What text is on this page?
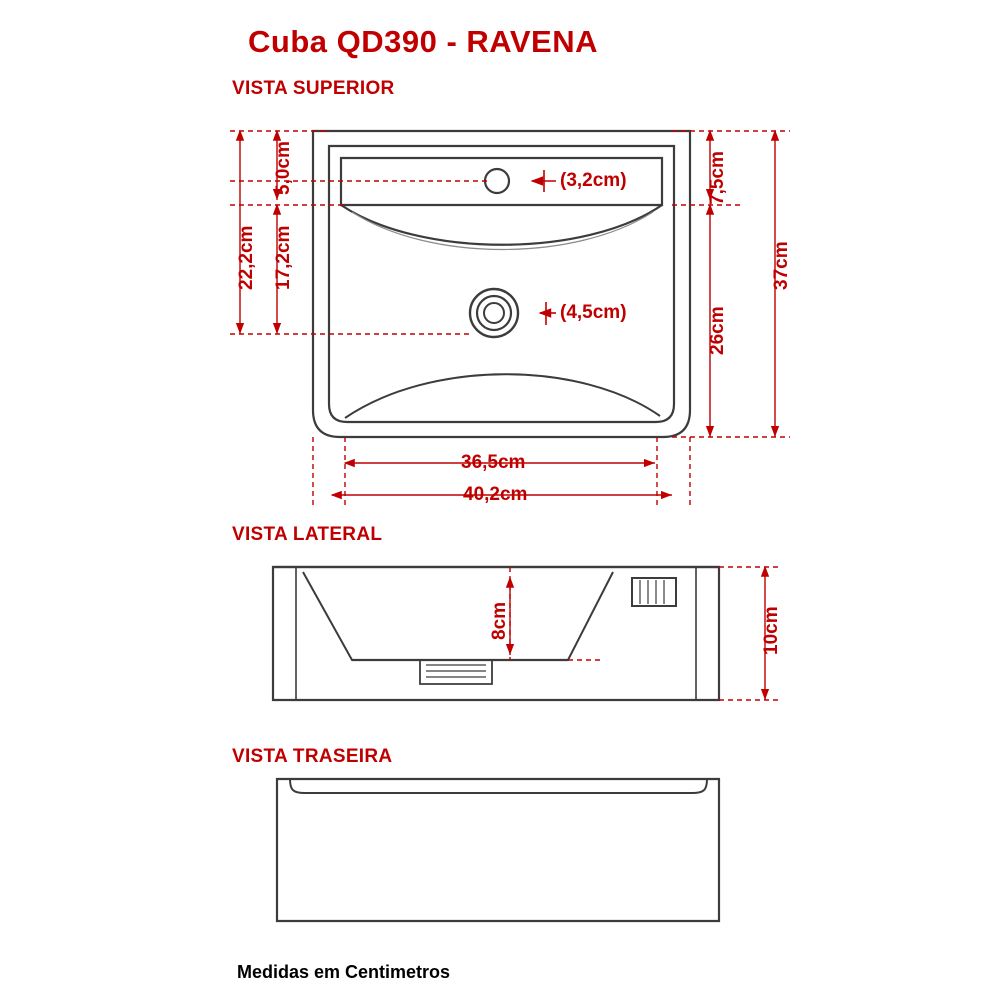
Cuba QD390 - RAVENA
VISTA SUPERIOR
VISTA LATERAL
VISTA TRASEIRA
22,2cm 17,2cm
5,0cm
37cm
26cm
7,5cm
(3,2cm)
(4,5cm)
36,5cm
40,2cm
8cm	10cm
Medidas em Centimetros
